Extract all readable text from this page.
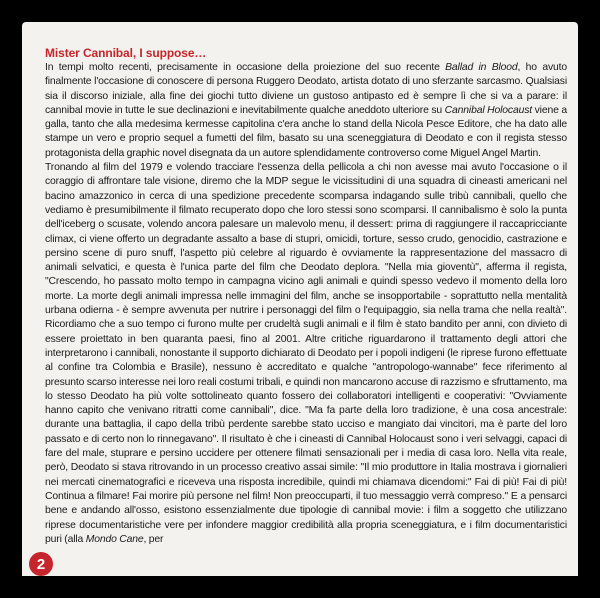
Mister Cannibal, I suppose…

In tempi molto recenti, precisamente in occasione della proiezione del suo recente Ballad in Blood, ho avuto finalmente l'occasione di conoscere di persona Ruggero Deodato, artista dotato di uno sferzante sarcasmo. Qualsiasi sia il discorso iniziale, alla fine dei giochi tutto diviene un gustoso antipasto ed è sempre lì che si va a parare: il cannibal movie in tutte le sue declinazioni e inevitabilmente qualche aneddoto ulteriore su Cannibal Holocaust viene a galla, tanto che alla medesima kermesse capitolina c'era anche lo stand della Nicola Pesce Editore, che ha dato alle stampe un vero e proprio sequel a fumetti del film, basato su una sceneggiatura di Deodato e con il regista stesso protagonista della graphic novel disegnata da un autore splendidamente controverso come Miguel Angel Martin.

Tronando al film del 1979 e volendo tracciare l'essenza della pellicola a chi non avesse mai avuto l'occasione o il coraggio di affrontare tale visione, diremo che la MDP segue le vicissitudini di una squadra di cineasti americani nel bacino amazzonico in cerca di una spedizione precedente scomparsa indagando sulle tribù cannibali, quello che vediamo è presumibilmente il filmato recuperato dopo che loro stessi sono scomparsi. Il cannibalismo è solo la punta dell'iceberg o scusate, volendo ancora palesare un malevolo menu, il dessert: prima di raggiungere il raccapricciante climax, ci viene offerto un degradante assalto a base di stupri, omicidi, torture, sesso crudo, genocidio, castrazione e persino scene di puro snuff, l'aspetto più celebre al riguardo è ovviamente la rappresentazione del massacro di animali selvatici, e questa è l'unica parte del film che Deodato deplora. "Nella mia gioventù", afferma il regista, "Crescendo, ho passato molto tempo in campagna vicino agli animali e quindi spesso vedevo il momento della loro morte. La morte degli animali impressa nelle immagini del film, anche se insopportabile - soprattutto nella mentalità urbana odierna - è sempre avvenuta per nutrire i personaggi del film o l'equipaggio, sia nella trama che nella realtà". Ricordiamo che a suo tempo ci furono multe per crudeltà sugli animali e il film è stato bandito per anni, con divieto di essere proiettato in ben quaranta paesi, fino al 2001. Altre critiche riguardarono il trattamento degli attori che interpretarono i cannibali, nonostante il supporto dichiarato di Deodato per i popoli indigeni (le riprese furono effettuate al confine tra Colombia e Brasile), nessuno è accreditato e qualche "antropologo-wannabe" fece riferimento al presunto scarso interesse nei loro reali costumi tribali, e quindi non mancarono accuse di razzismo e sfruttamento, ma lo stesso Deodato ha più volte sottolineato quanto fossero dei collaboratori intelligenti e cooperativi: "Ovviamente hanno capito che venivano ritratti come cannibali", dice. "Ma fa parte della loro tradizione, è una cosa ancestrale: durante una battaglia, il capo della tribù perdente sarebbe stato ucciso e mangiato dai vincitori, ma è parte del loro passato e di certo non lo rinnegavano". Il risultato è che i cineasti di Cannibal Holocaust sono i veri selvaggi, capaci di fare del male, stuprare e persino uccidere per ottenere filmati sensazionali per i media di casa loro. Nella vita reale, però, Deodato si stava ritrovando in un processo creativo assai simile: "Il mio produttore in Italia mostrava i giornalieri nei mercati cinematografici e riceveva una risposta incredibile, quindi mi chiamava dicendomi:" Fai di più! Fai di più! Continua a filmare! Fai morire più persone nel film! Non preoccuparti, il tuo messaggio verrà compreso." E a pensarci bene e andando all'osso, esistono essenzialmente due tipologie di cannibal movie: i film a soggetto che utilizzano riprese documentaristiche vere per infondere maggior credibilità alla propria sceneggiatura, e i film documentaristici puri (alla Mondo Cane, per

2
